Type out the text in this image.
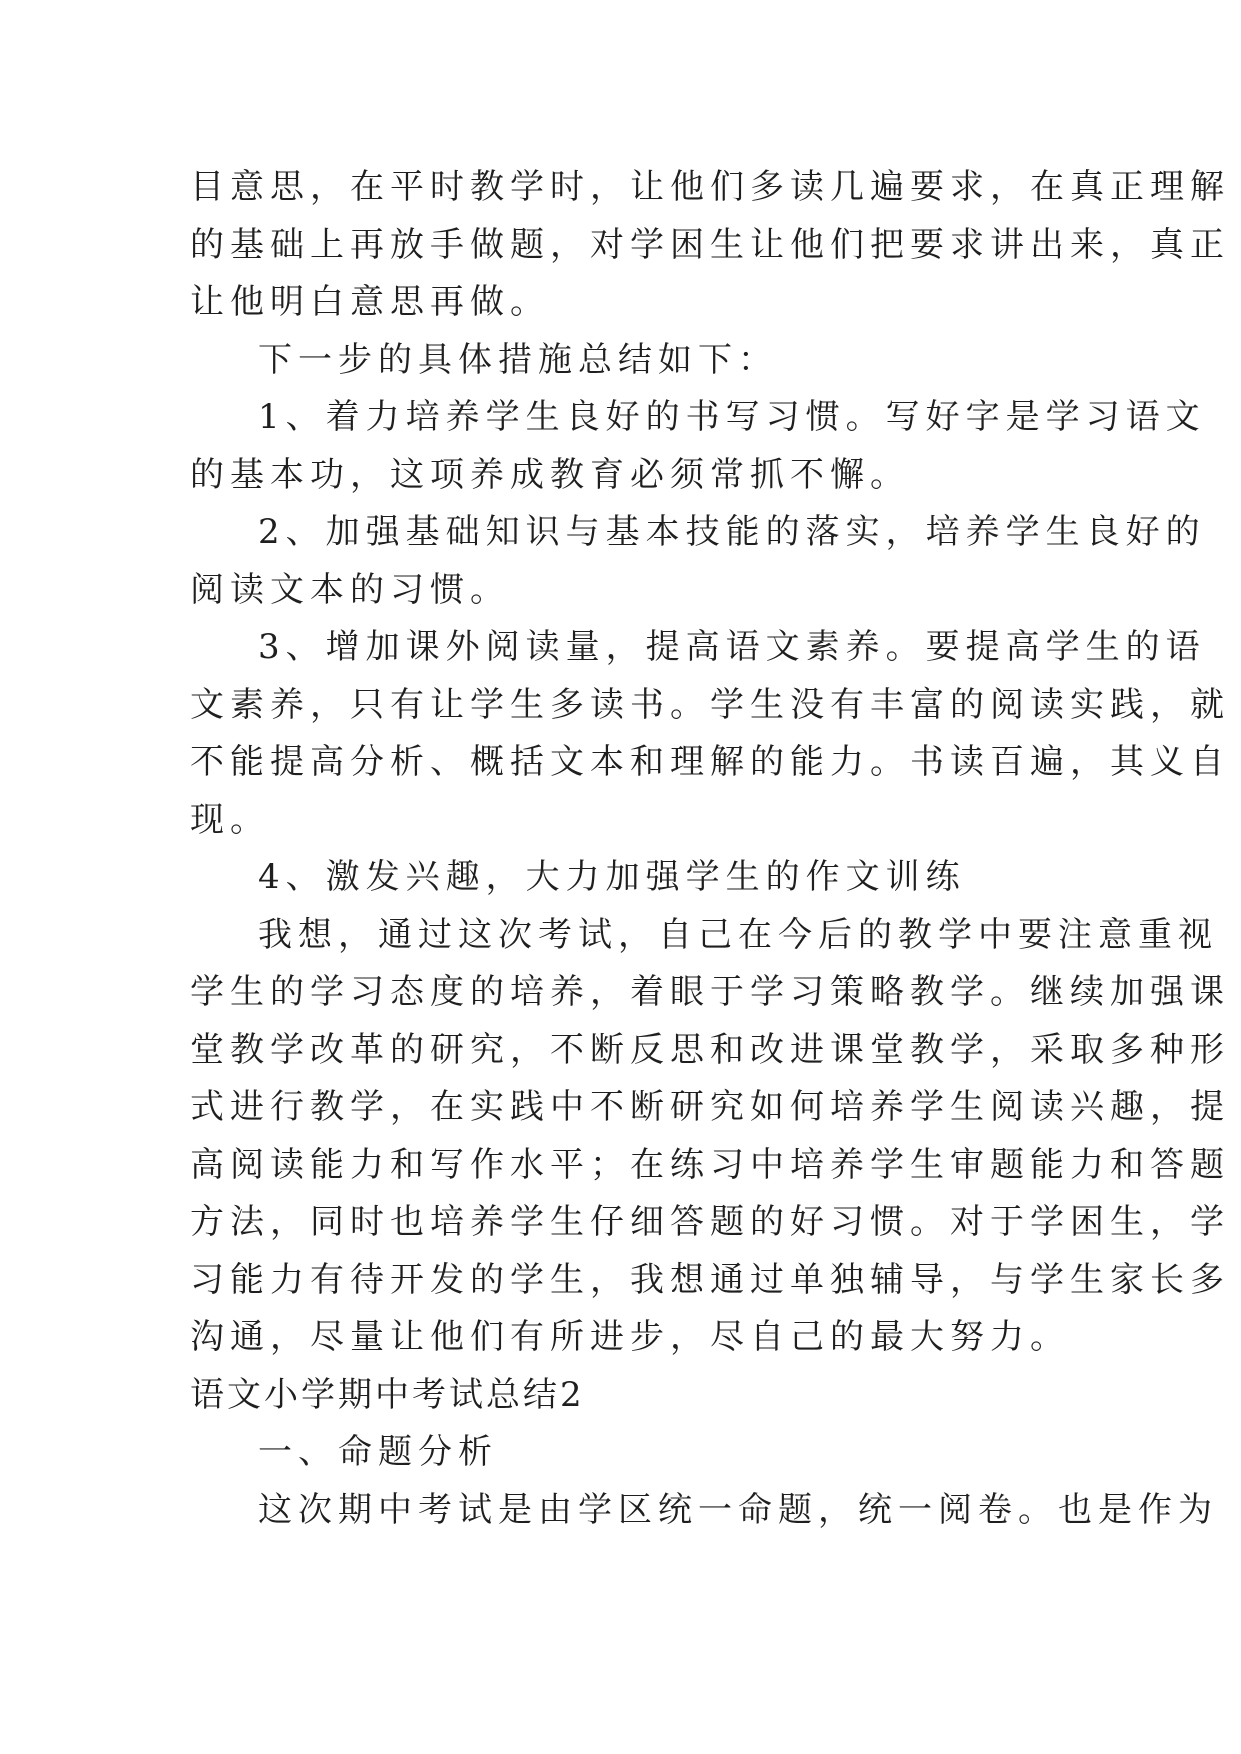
目意思，在平时教学时，让他们多读几遍要求，在真正理解
的基础上再放手做题，对学困生让他们把要求讲出来，真正
让他明白意思再做。
下一步的具体措施总结如下：
1、着力培养学生良好的书写习惯。写好字是学习语文
的基本功，这项养成教育必须常抓不懈。
2、加强基础知识与基本技能的落实，培养学生良好的
阅读文本的习惯。
3、增加课外阅读量，提高语文素养。要提高学生的语
文素养，只有让学生多读书。学生没有丰富的阅读实践，就
不能提高分析、概括文本和理解的能力。书读百遍，其义自
现。
4、激发兴趣，大力加强学生的作文训练
我想，通过这次考试，自己在今后的教学中要注意重视
学生的学习态度的培养，着眼于学习策略教学。继续加强课
堂教学改革的研究，不断反思和改进课堂教学，采取多种形
式进行教学，在实践中不断研究如何培养学生阅读兴趣，提
高阅读能力和写作水平；在练习中培养学生审题能力和答题
方法，同时也培养学生仔细答题的好习惯。对于学困生，学
习能力有待开发的学生，我想通过单独辅导，与学生家长多
沟通，尽量让他们有所进步，尽自己的最大努力。
语文小学期中考试总结2
一、命题分析
这次期中考试是由学区统一命题，统一阅卷。也是作为
